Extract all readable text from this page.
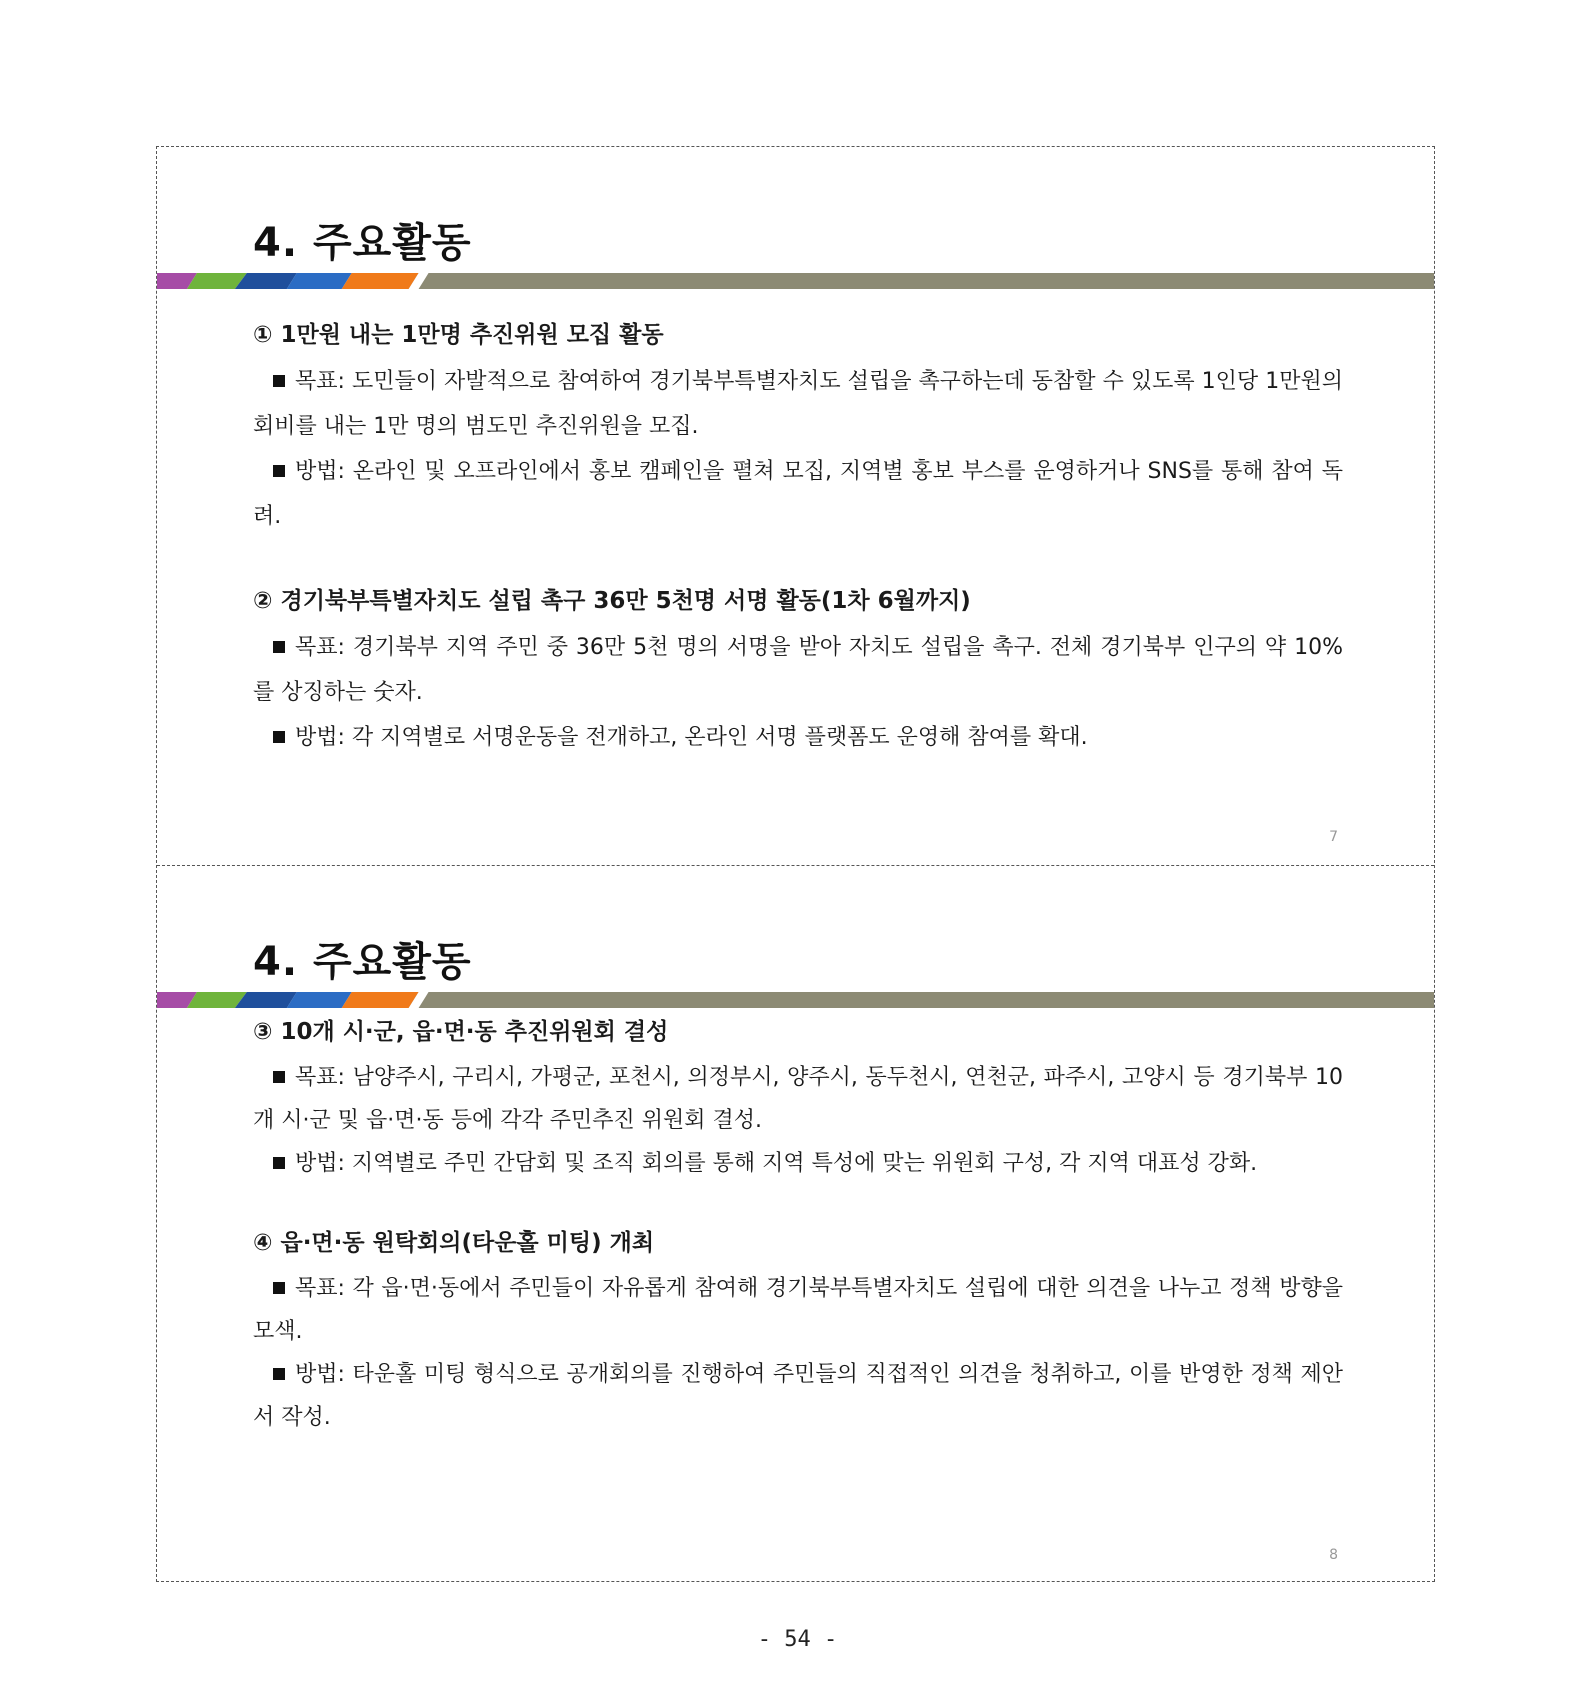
4. 주요활동
① 1만원 내는 1만명 추진위원 모집 활동

목표: 도민들이 자발적으로 참여하여 경기북부특별자치도 설립을 촉구하는데 동참할 수 있도록 1인당 1만원의 회비를 내는 1만 명의 범도민 추진위원을 모집.

방법: 온라인 및 오프라인에서 홍보 캠페인을 펼쳐 모집, 지역별 홍보 부스를 운영하거나 SNS를 통해 참여 독려.

② 경기북부특별자치도 설립 촉구 36만 5천명 서명 활동(1차 6월까지)

목표: 경기북부 지역 주민 중 36만 5천 명의 서명을 받아 자치도 설립을 촉구. 전체 경기북부 인구의 약 10%를 상징하는 숫자.

방법: 각 지역별로 서명운동을 전개하고, 온라인 서명 플랫폼도 운영해 참여를 확대.

7
4. 주요활동
③ 10개 시·군, 읍·면·동 추진위원회 결성

목표: 남양주시, 구리시, 가평군, 포천시, 의정부시, 양주시, 동두천시, 연천군, 파주시, 고양시 등 경기북부 10개 시·군 및 읍·면·동 등에 각각 주민추진 위원회 결성.

방법: 지역별로 주민 간담회 및 조직 회의를 통해 지역 특성에 맞는 위원회 구성, 각 지역 대표성 강화.

④ 읍·면·동 원탁회의(타운홀 미팅) 개최

목표: 각 읍·면·동에서 주민들이 자유롭게 참여해 경기북부특별자치도 설립에 대한 의견을 나누고 정책 방향을 모색.

방법: 타운홀 미팅 형식으로 공개회의를 진행하여 주민들의 직접적인 의견을 청취하고, 이를 반영한 정책 제안서 작성.

8
- 54 -
